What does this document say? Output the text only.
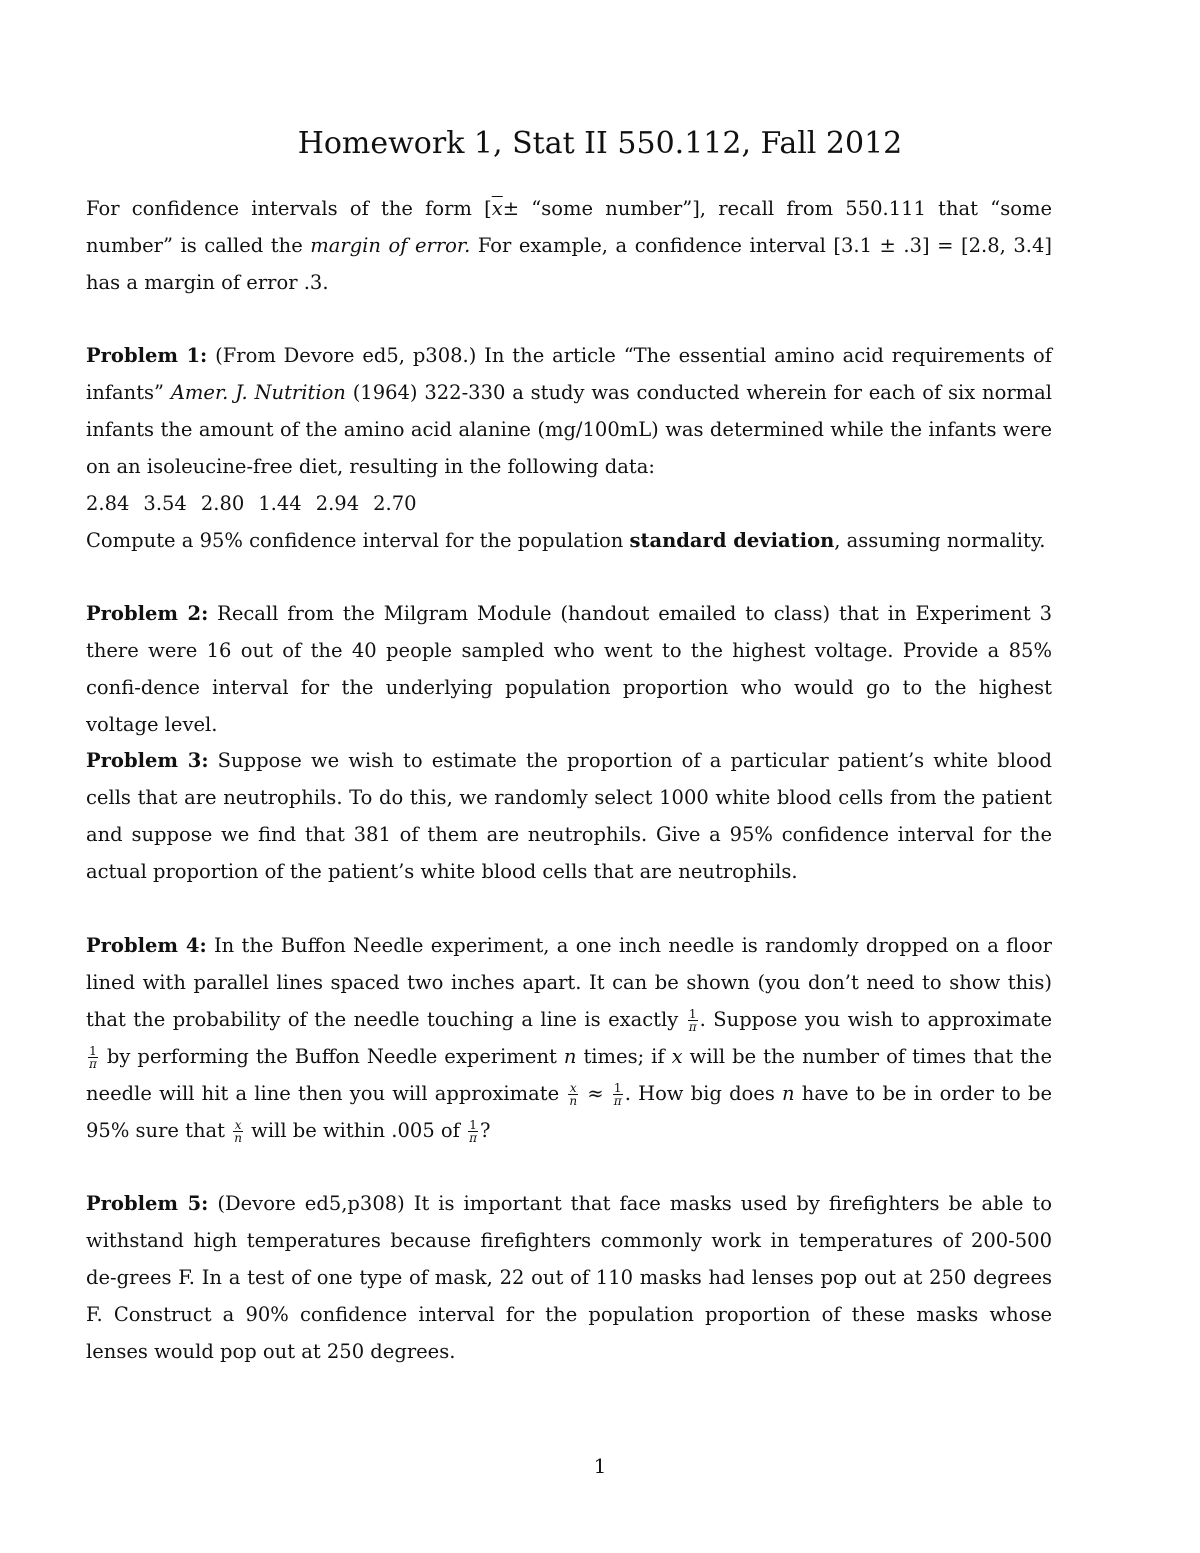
Homework 1, Stat II 550.112, Fall 2012

For confidence intervals of the form [$\overline{x}\pm$ “some number”], recall from 550.111 that “some number” is called the margin of error. For example, a confidence interval [3.1 ± .3] = [2.8, 3.4] has a margin of error .3.

Problem 1: (From Devore ed5, p308.) In the article “The essential amino acid requirements of infants” Amer. J. Nutrition (1964) 322-330 a study was conducted wherein for each of six normal infants the amount of the amino acid alanine (mg/100mL) was determined while the infants were on an isoleucine-free diet, resulting in the following data:

2.84 3.54 2.80 1.44 2.94 2.70

Compute a 95% confidence interval for the population standard deviation, assuming normality.

Problem 2: Recall from the Milgram Module (handout emailed to class) that in Experiment 3 there were 16 out of the 40 people sampled who went to the highest voltage. Provide a 85% confi-dence interval for the underlying population proportion who would go to the highest voltage level.

Problem 3: Suppose we wish to estimate the proportion of a particular patient’s white blood cells that are neutrophils. To do this, we randomly select 1000 white blood cells from the patient and suppose we find that 381 of them are neutrophils. Give a 95% confidence interval for the actual proportion of the patient’s white blood cells that are neutrophils.

Problem 4: In the Buffon Needle experiment, a one inch needle is randomly dropped on a floor lined with parallel lines spaced two inches apart. It can be shown (you don’t need to show this) that the probability of the needle touching a line is exactly $\frac{1}{\pi}$ . Suppose you wish to approximate
$\frac{1}{\pi}$ by performing the Buffon Needle experiment n times; if x will be the number of times that the needle will hit a line then you will approximate $\frac{x}{n} \approx \frac{1}{\pi}$ . How big does n have to be in order to be 95% sure that $\frac{x}{n}$ will be within .005 of $\frac{1}{\pi}$ ?

Problem 5: (Devore ed5,p308) It is important that face masks used by firefighters be able to withstand high temperatures because firefighters commonly work in temperatures of 200-500 de-grees F. In a test of one type of mask, 22 out of 110 masks had lenses pop out at 250 degrees F. Construct a 90% confidence interval for the population proportion of these masks whose lenses would pop out at 250 degrees.

1
